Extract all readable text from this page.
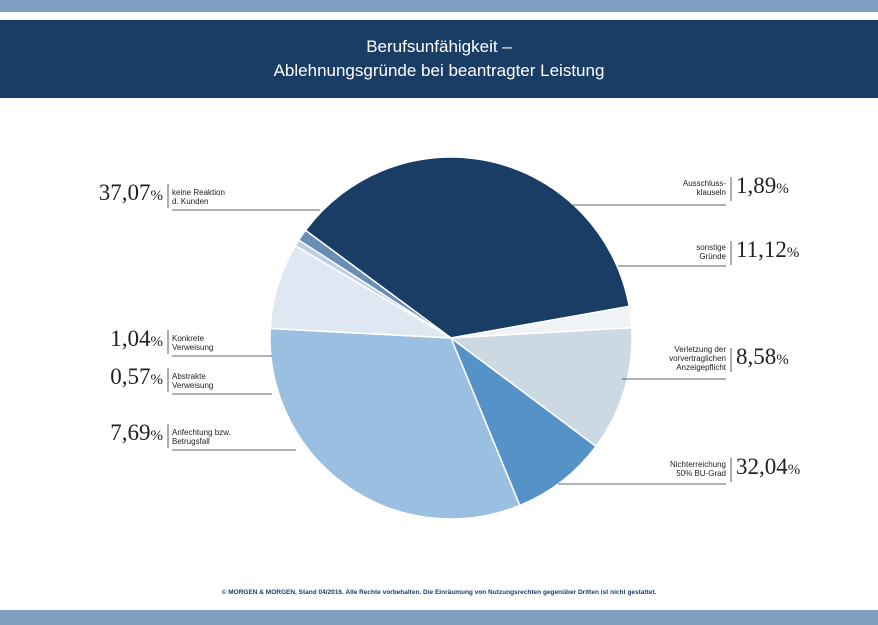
Berufsunfähigkeit –
Ablehnungsgründe bei beantragter Leistung
37,07% keine Reaktion d. Kunden
1,89%
Ausschluss-klauseln
11,12%
sonstige Gründe
8,58%
Verletzung der vorvertraglichen Anzeigepflicht
32,04%
Nichterreichung 50% BU-Grad
7,69% Anfechtung bzw. Betrugsfall
0,57% Abstrakte Verweisung
1,04% Konkrete Verweisung
© MORGEN & MORGEN, Stand 04/2016. Alle Rechte vorbehalten. Die Einräumung von Nutzungsrechten gegenüber Dritten ist nicht gestattet.
